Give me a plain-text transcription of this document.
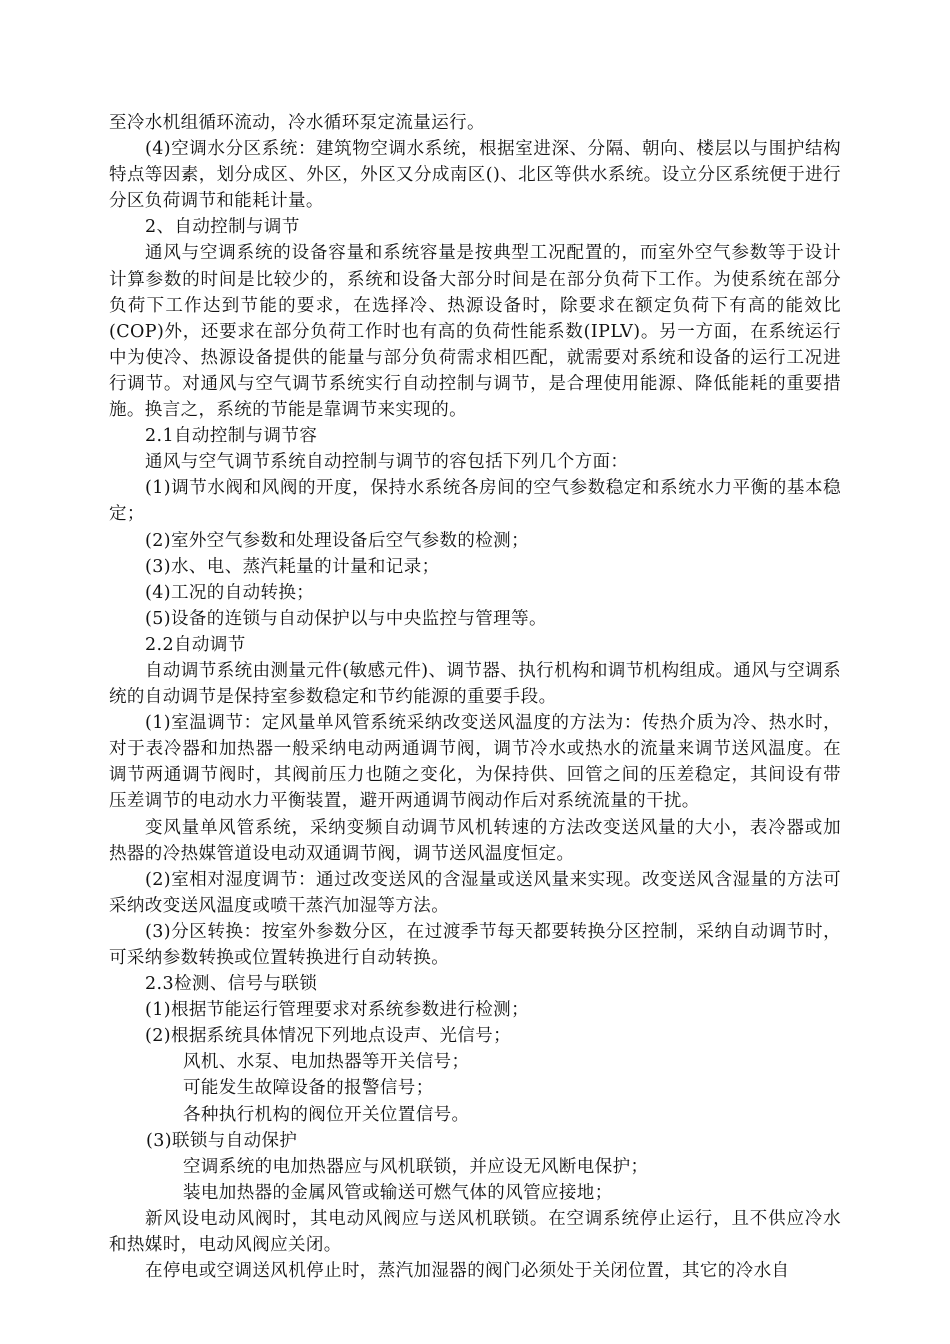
至冷水机组循环流动，冷水循环泵定流量运行。

(4)空调水分区系统：建筑物空调水系统，根据室进深、分隔、朝向、楼层以与围护结构特点等因素，划分成区、外区，外区又分成南区()、北区等供水系统。设立分区系统便于进行分区负荷调节和能耗计量。

2、自动控制与调节

通风与空调系统的设备容量和系统容量是按典型工况配置的，而室外空气参数等于设计计算参数的时间是比较少的，系统和设备大部分时间是在部分负荷下工作。为使系统在部分负荷下工作达到节能的要求，在选择冷、热源设备时，除要求在额定负荷下有高的能效比(COP)外，还要求在部分负荷工作时也有高的负荷性能系数(IPLV)。另一方面，在系统运行中为使冷、热源设备提供的能量与部分负荷需求相匹配，就需要对系统和设备的运行工况进行调节。对通风与空气调节系统实行自动控制与调节，是合理使用能源、降低能耗的重要措施。换言之，系统的节能是靠调节来实现的。

2.1自动控制与调节容

通风与空气调节系统自动控制与调节的容包括下列几个方面：

(1)调节水阀和风阀的开度，保持水系统各房间的空气参数稳定和系统水力平衡的基本稳定；

(2)室外空气参数和处理设备后空气参数的检测；

(3)水、电、蒸汽耗量的计量和记录；

(4)工况的自动转换；

(5)设备的连锁与自动保护以与中央监控与管理等。

2.2自动调节

自动调节系统由测量元件(敏感元件)、调节器、执行机构和调节机构组成。通风与空调系统的自动调节是保持室参数稳定和节约能源的重要手段。

(1)室温调节：定风量单风管系统采纳改变送风温度的方法为：传热介质为冷、热水时，对于表冷器和加热器一般采纳电动两通调节阀，调节冷水或热水的流量来调节送风温度。在调节两通调节阀时，其阀前压力也随之变化，为保持供、回管之间的压差稳定，其间设有带压差调节的电动水力平衡装置，避开两通调节阀动作后对系统流量的干扰。

变风量单风管系统，采纳变频自动调节风机转速的方法改变送风量的大小，表冷器或加热器的冷热媒管道设电动双通调节阀，调节送风温度恒定。

(2)室相对湿度调节：通过改变送风的含湿量或送风量来实现。改变送风含湿量的方法可采纳改变送风温度或喷干蒸汽加湿等方法。

(3)分区转换：按室外参数分区，在过渡季节每天都要转换分区控制，采纳自动调节时，可采纳参数转换或位置转换进行自动转换。

2.3检测、信号与联锁

(1)根据节能运行管理要求对系统参数进行检测；

(2)根据系统具体情况下列地点设声、光信号；

风机、水泵、电加热器等开关信号；

可能发生故障设备的报警信号；

各种执行机构的阀位开关位置信号。

(3)联锁与自动保护

空调系统的电加热器应与风机联锁，并应设无风断电保护；

装电加热器的金属风管或输送可燃气体的风管应接地；

新风设电动风阀时，其电动风阀应与送风机联锁。在空调系统停止运行，且不供应冷水和热媒时，电动风阀应关闭。

在停电或空调送风机停止时，蒸汽加湿器的阀门必须处于关闭位置，其它的冷水自
